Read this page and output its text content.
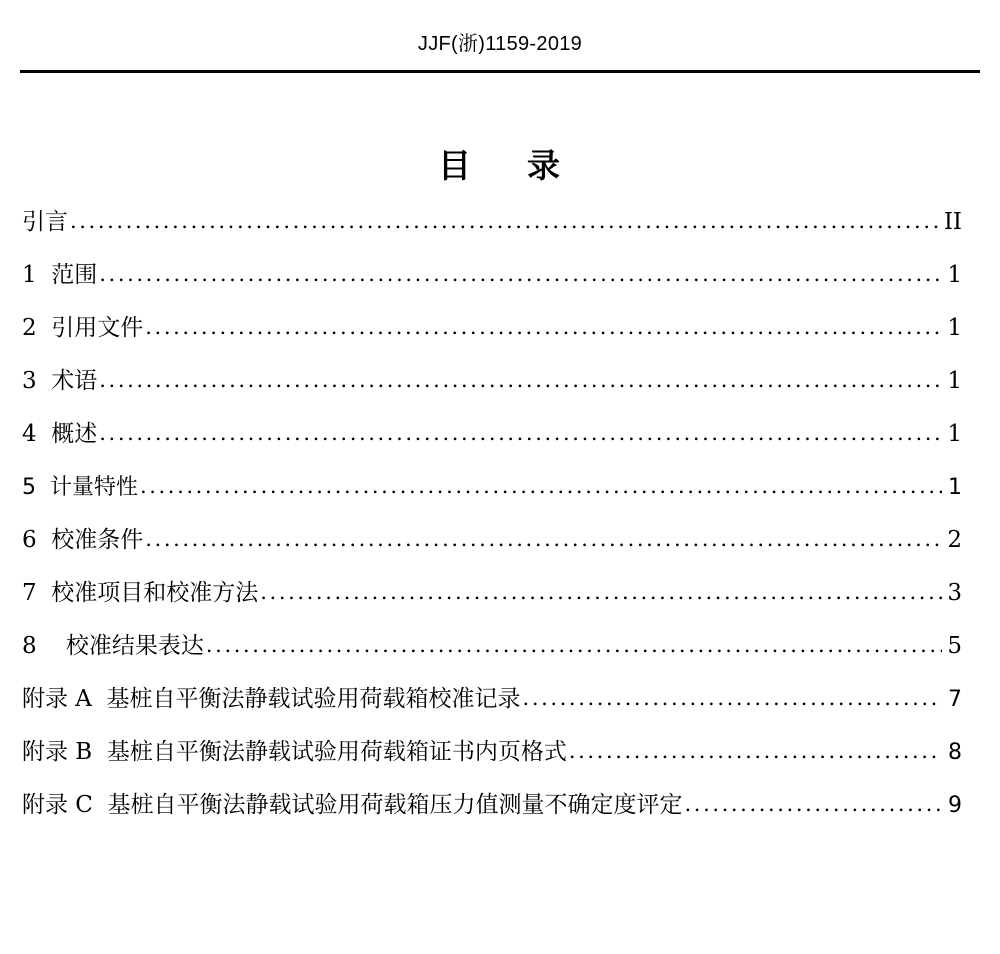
JJF(浙)1159-2019
目    录
引言 .....	II
1  范围 .....	1
2  引用文件 .....	1
3  术语 .....	1
4  概述 .....	1
5  计量特性 .....	1
6  校准条件 .....	2
7  校准项目和校准方法 .....	3
8    校准结果表达 .....	5
附录 A  基桩自平衡法静载试验用荷载箱校准记录 .....	7
附录 B  基桩自平衡法静载试验用荷载箱证书内页格式 .....	8
附录 C  基桩自平衡法静载试验用荷载箱压力值测量不确定度评定 .....	9
